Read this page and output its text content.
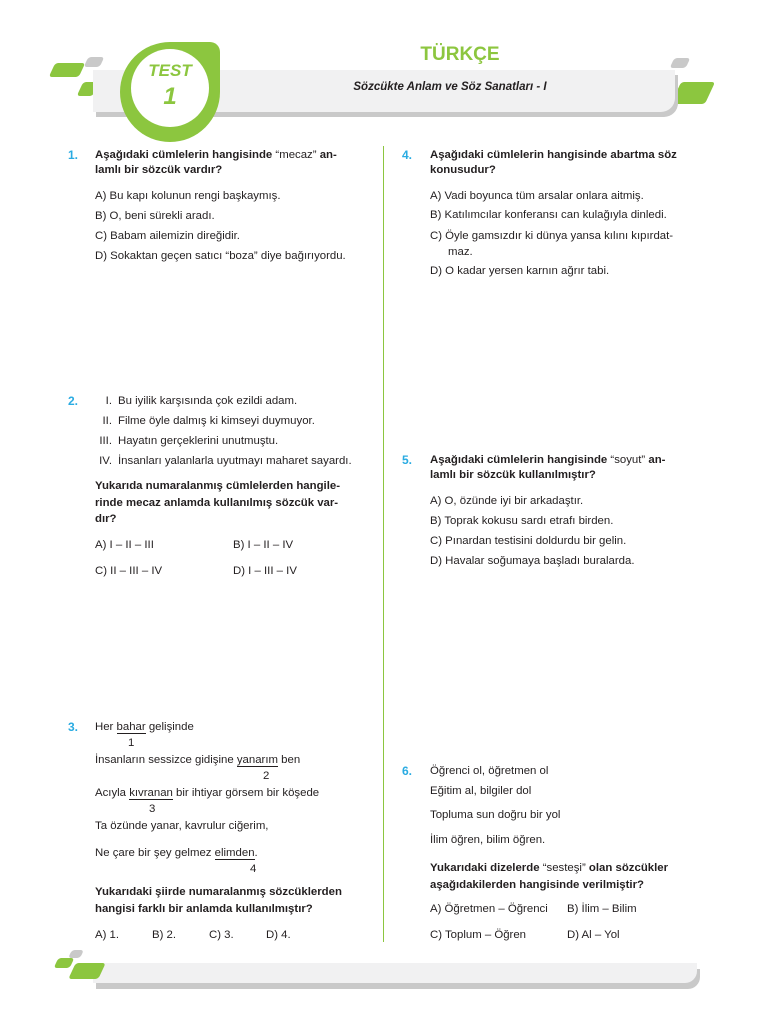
TEST
1
TÜRKÇE
Sözcükte Anlam ve Söz Sanatları - I
1. Aşağıdaki cümlelerin hangisinde “mecaz” an-
lamlı bir sözcük vardır?
A) Bu kapı kolunun rengi başkaymış.
B) O, beni sürekli aradı.
C) Babam ailemizin direğidir.
D) Sokaktan geçen satıcı “boza” diye bağırıyordu.
2.	I. Bu iyilik karşısında çok ezildi adam.
II. Filme öyle dalmış ki kimseyi duymuyor.
III. Hayatın gerçeklerini unutmuştu.
IV. İnsanları yalanlarla uyutmayı maharet sayardı.
Yukarıda numaralanmış cümlelerden hangile-
rinde mecaz anlamda kullanılmış sözcük var-
dır?
A) I – II – III	B) I – II – IV
C) II – III – IV	D) I – III – IV
3. Her bahar gelişinde
1
İnsanların sessizce gidişine yanarım ben
2
Acıyla kıvranan bir ihtiyar görsem bir köşede
3
Ta özünde yanar, kavrulur ciğerim,
Ne çare bir şey gelmez elimden.
4
Yukarıdaki şiirde numaralanmış sözcüklerden
hangisi farklı bir anlamda kullanılmıştır?
A) 1.	B) 2.	C) 3.	D) 4.
4. Aşağıdaki cümlelerin hangisinde abartma söz
konusudur?
A) Vadi boyunca tüm arsalar onlara aitmiş.
B) Katılımcılar konferansı can kulağıyla dinledi.
C) Öyle gamsızdır ki dünya yansa kılını kıpırdat-
maz.
D) O kadar yersen karnın ağrır tabi.
5. Aşağıdaki cümlelerin hangisinde “soyut” an-
lamlı bir sözcük kullanılmıştır?
A) O, özünde iyi bir arkadaştır.
B) Toprak kokusu sardı etrafı birden.
C) Pınardan testisini doldurdu bir gelin.
D) Havalar soğumaya başladı buralarda.
6. Öğrenci ol, öğretmen ol
Eğitim al, bilgiler dol
Topluma sun doğru bir yol
İlim öğren, bilim öğren.
Yukarıdaki dizelerde “sesteşi” olan sözcükler
aşağıdakilerden hangisinde verilmiştir?
A) Öğretmen – Öğrenci B) İlim – Bilim
C) Toplum – Öğren	D) Al – Yol
